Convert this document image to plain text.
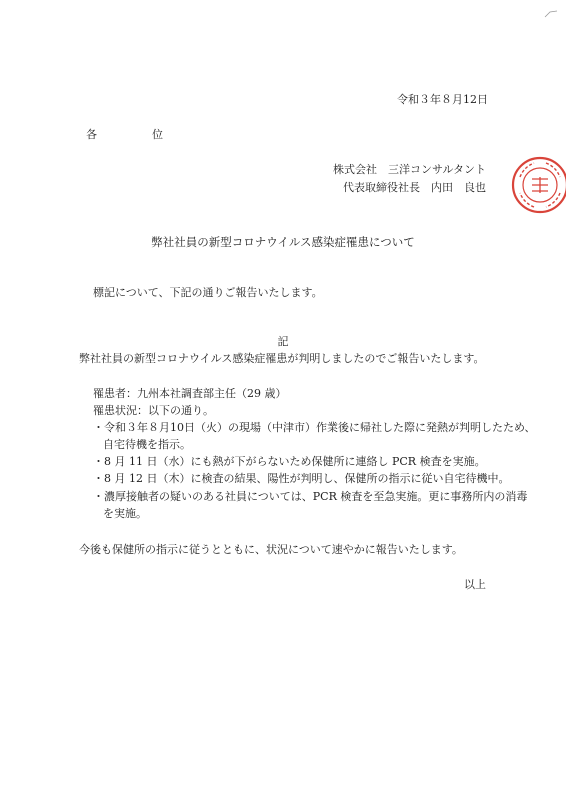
令和３年８月12日
各　位
株式会社　三洋コンサルタント
代表取締役社長　内田　良也
弊社社員の新型コロナウイルス感染症罹患について
標記について、下記の通りご報告いたします。
記
弊社社員の新型コロナウイルス感染症罹患が判明しましたのでご報告いたします。
罹患者：九州本社調査部主任（29 歳）
罹患状況：以下の通り。
・令和３年８月10日（火）の現場（中津市）作業後に帰社した際に発熱が判明したため、
自宅待機を指示。
・8 月 11 日（水）にも熱が下がらないため保健所に連絡し PCR 検査を実施。
・8 月 12 日（木）に検査の結果、陽性が判明し、保健所の指示に従い自宅待機中。
・濃厚接触者の疑いのある社員については、PCR 検査を至急実施。更に事務所内の消毒
を実施。
今後も保健所の指示に従うとともに、状況について速やかに報告いたします。
以上
